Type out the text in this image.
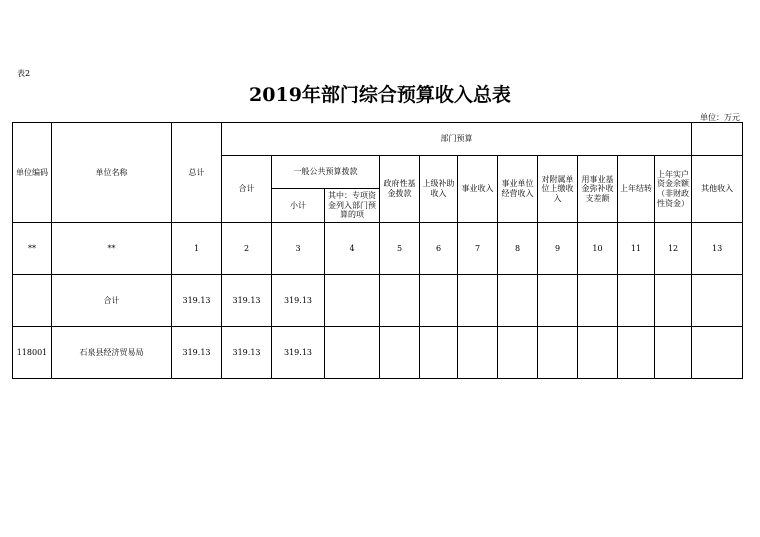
表2
2019年部门综合预算收入总表
单位：万元
单位编码	单位名称	总计	部门预算											
			合计	一般公共预算拨款		政府性基金拨款	上级补助收入	事业收入	事业单位经营收入	对附属单位上缴收入	用事业基金弥补收支差额	上年结转	上年实户资金余额（非财政性资金）	其他收入
				小计	其中：专项资金列入部门预算的项									
**	**	1	2	3	4	5	6	7	8	9	10	11	12	13
	合计	319.13	319.13	319.13										
118001	石泉县经济贸易局	319.13	319.13	319.13										
